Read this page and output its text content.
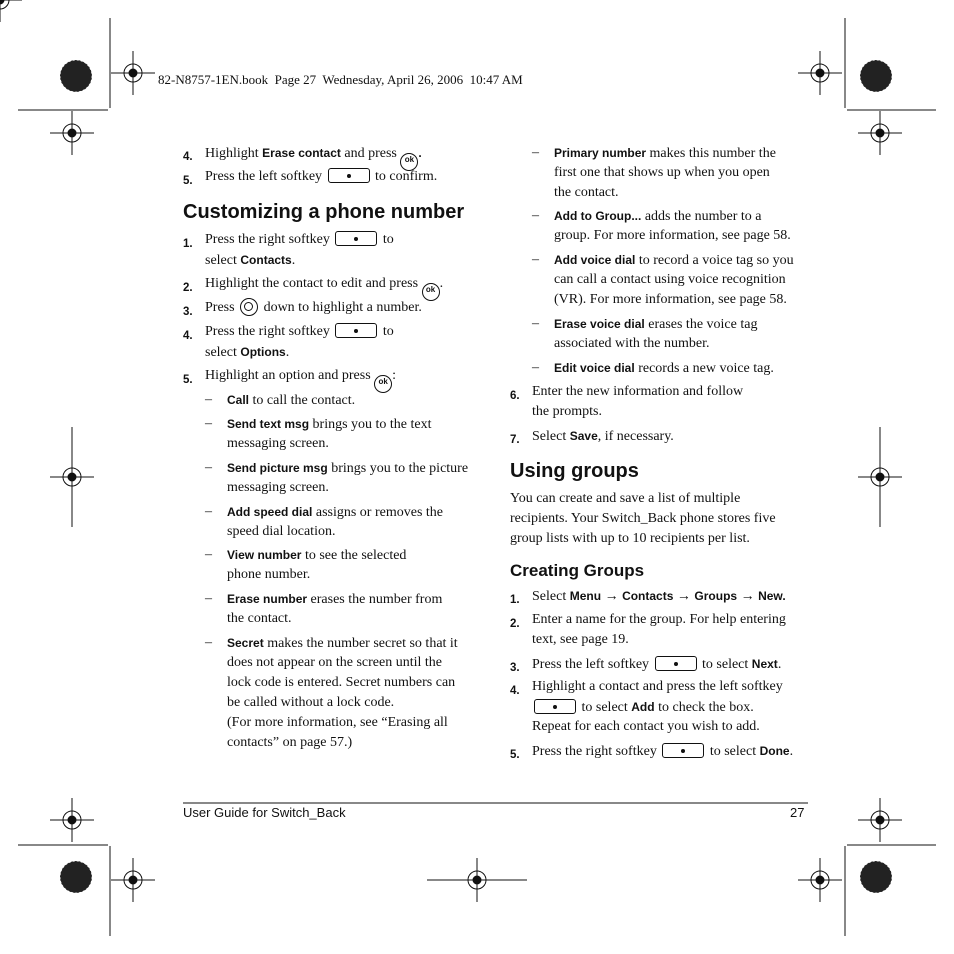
82-N8757-1EN.book  Page 27  Wednesday, April 26, 2006  10:47 AM
4. Highlight Erase contact and press ok .
5. Press the left softkey	to confirm.
Customizing a phone number
1. Press the right softkey	to
select Contacts.
2. Highlight the contact to edit and press ok .
3. Press  down to highlight a number.
4. Press the right softkey	to
select Options.
5. Highlight an option and press ok :
– Call to call the contact.
– Send text msg brings you to the text
messaging screen.
– Send picture msg brings you to the picture
messaging screen.
– Add speed dial assigns or removes the
speed dial location.
– View number to see the selected
phone number.
– Erase number erases the number from
the contact.
– Secret makes the number secret so that it
does not appear on the screen until the
lock code is entered. Secret numbers can
be called without a lock code.
(For more information, see “Erasing all
contacts” on page 57.)
– Primary number makes this number the
first one that shows up when you open
the contact.
– Add to Group... adds the number to a
group. For more information, see page 58.
– Add voice dial to record a voice tag so you
can call a contact using voice recognition
(VR). For more information, see page 58.
– Erase voice dial erases the voice tag
associated with the number.
– Edit voice dial records a new voice tag.
6. Enter the new information and follow
the prompts.
7. Select Save, if necessary.
Using groups
You can create and save a list of multiple
recipients. Your Switch_Back phone stores five
group lists with up to 10 recipients per list.
Creating Groups
1. Select Menu → Contacts → Groups → New.
2. Enter a name for the group. For help entering
text, see page 19.
3. Press the left softkey	to select Next.
4. Highlight a contact and press the left softkey
to select Add to check the box.
Repeat for each contact you wish to add.
5. Press the right softkey	to select Done.
User Guide for Switch_Back	27
